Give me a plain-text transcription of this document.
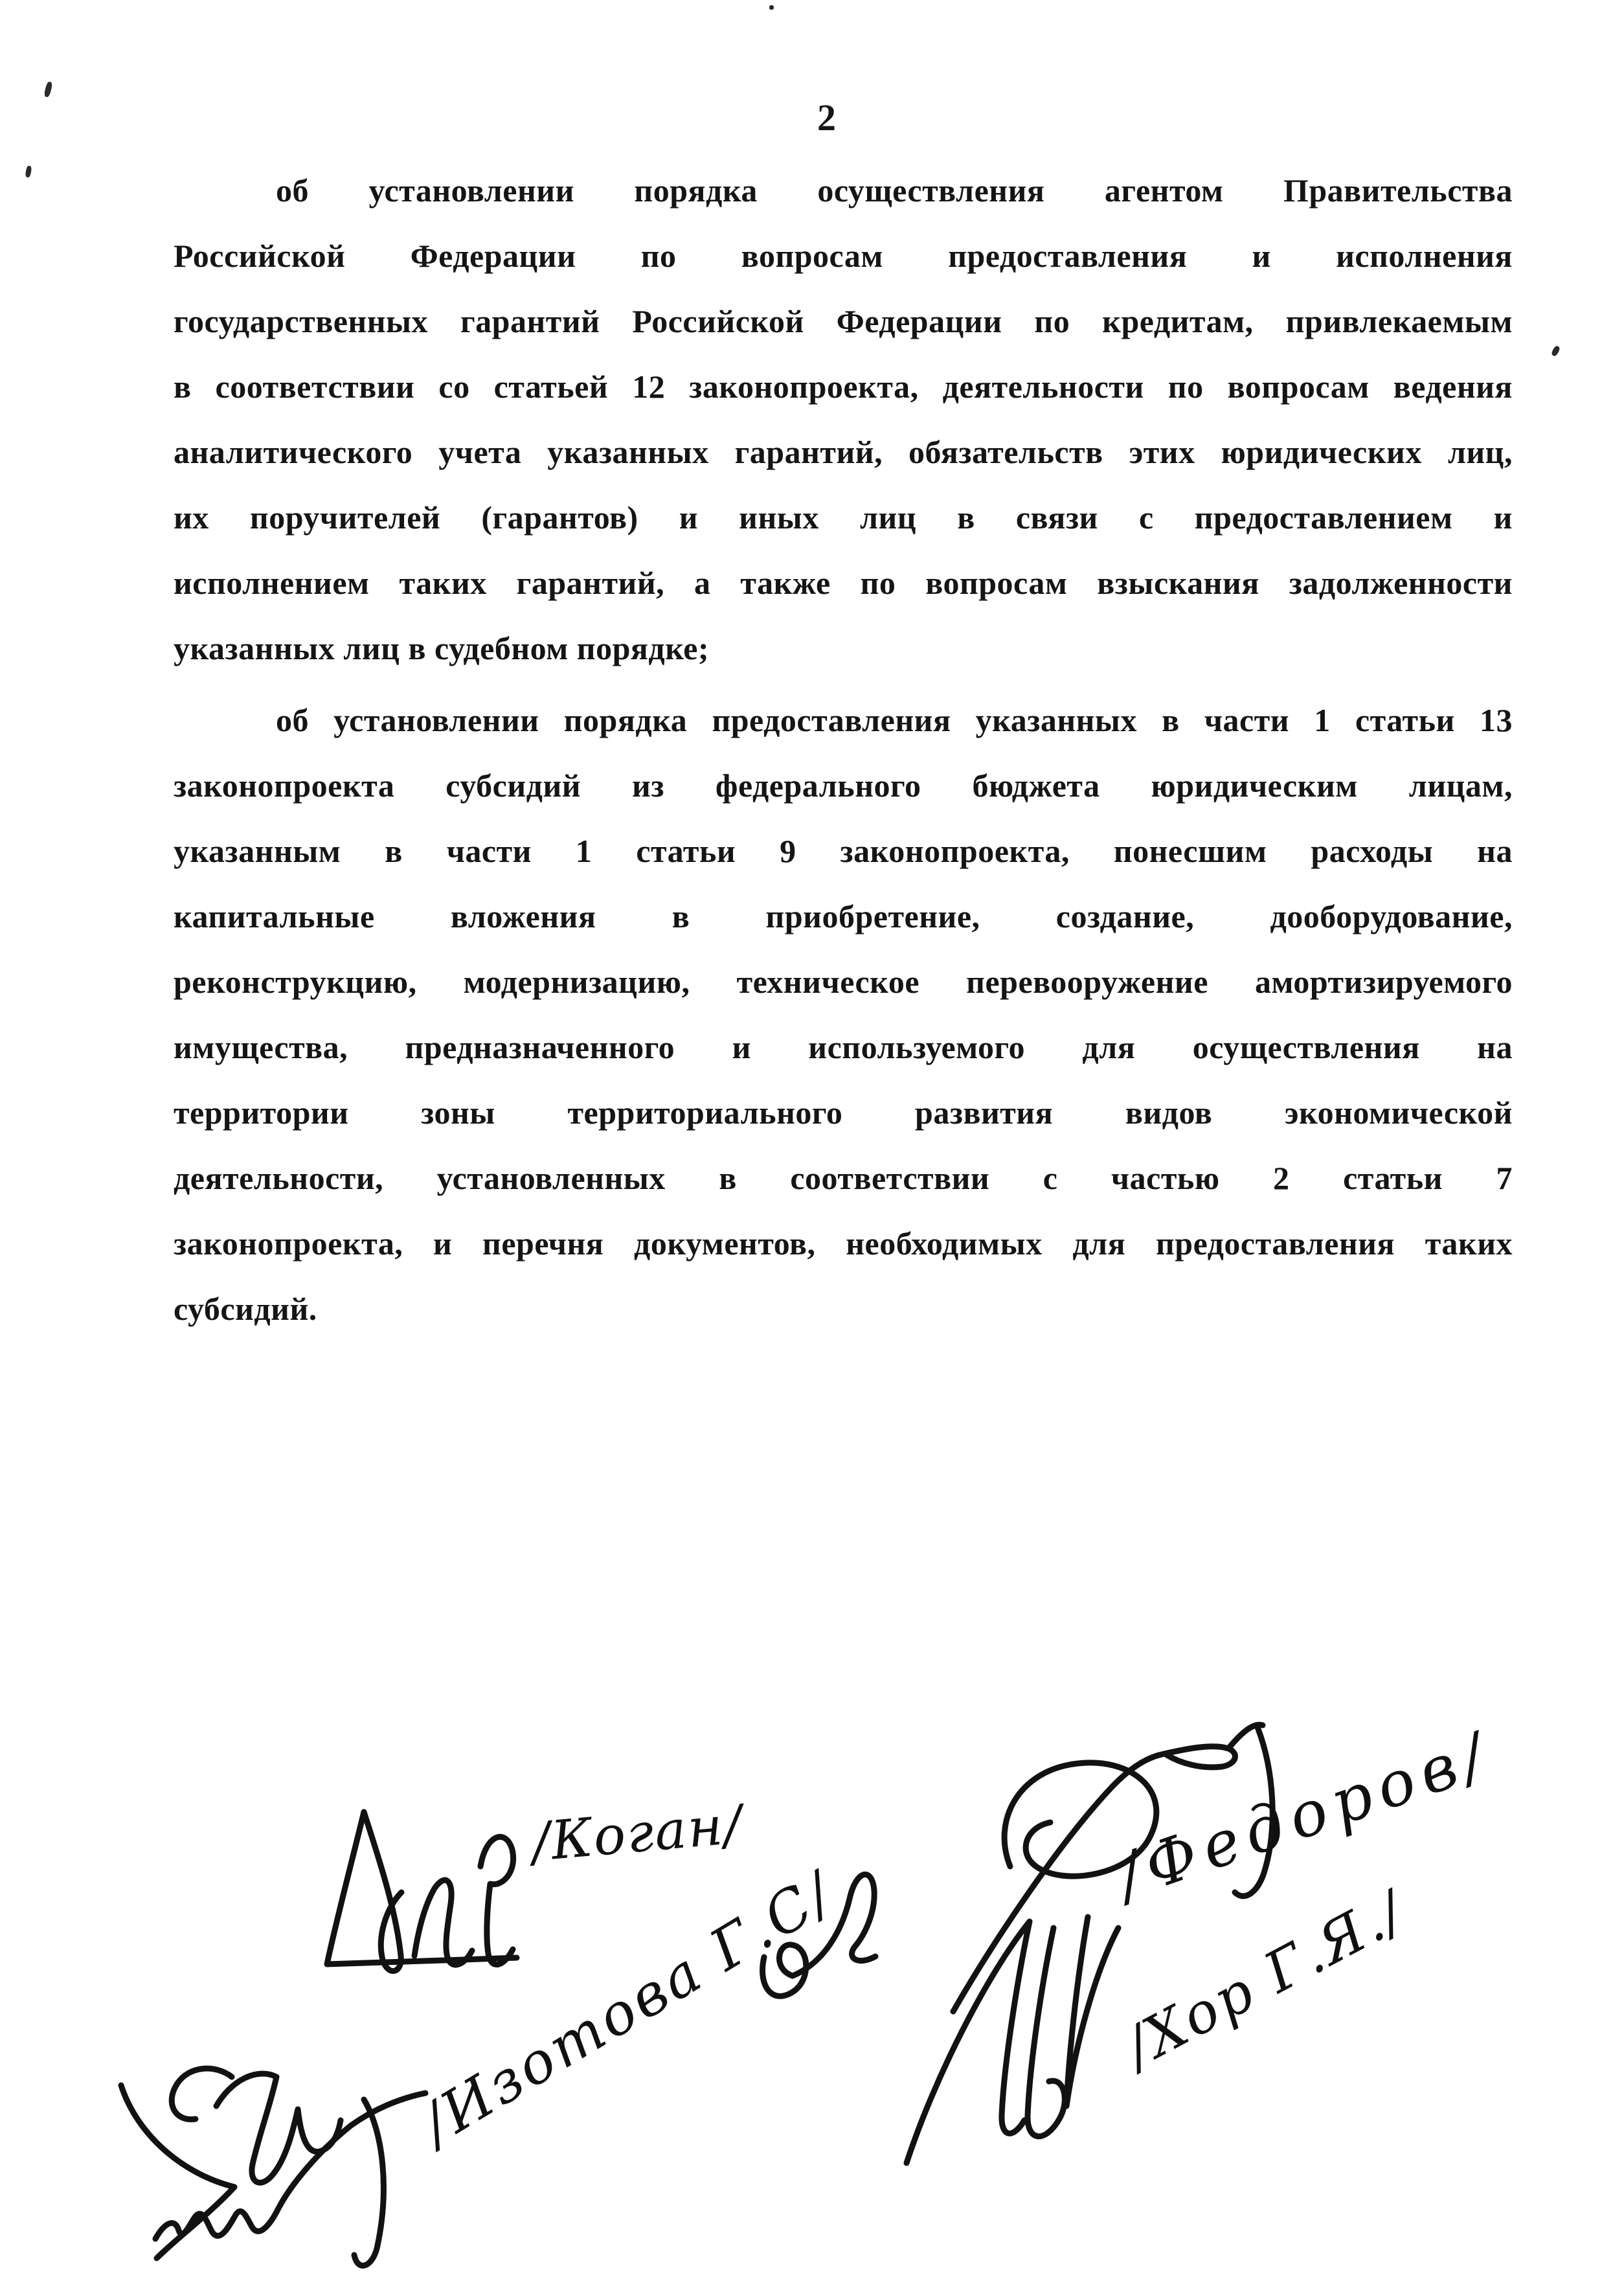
2
об установлении порядка осуществления агентом Правительства
Российской Федерации по вопросам предоставления и исполнения
государственных гарантий Российской Федерации по кредитам, привлекаемым
в соответствии со статьей 12 законопроекта, деятельности по вопросам ведения
аналитического учета указанных гарантий, обязательств этих юридических лиц,
их поручителей (гарантов) и иных лиц в связи с предоставлением и
исполнением таких гарантий, а также по вопросам взыскания задолженности
указанных лиц в судебном порядке;
об установлении порядка предоставления указанных в части 1 статьи 13
законопроекта субсидий из федерального бюджета юридическим лицам,
указанным в части 1 статьи 9 законопроекта, понесшим расходы на
капитальные вложения в приобретение, создание, дооборудование,
реконструкцию, модернизацию, техническое перевооружение амортизируемого
имущества, предназначенного и используемого для осуществления на
территории зоны территориального развития видов экономической
деятельности, установленных в соответствии с частью 2 статьи 7
законопроекта, и перечня документов, необходимых для предоставления таких
субсидий.
/Коган/
/Изотова Г.С/
/Федоров/
/Хор Г.Я./
